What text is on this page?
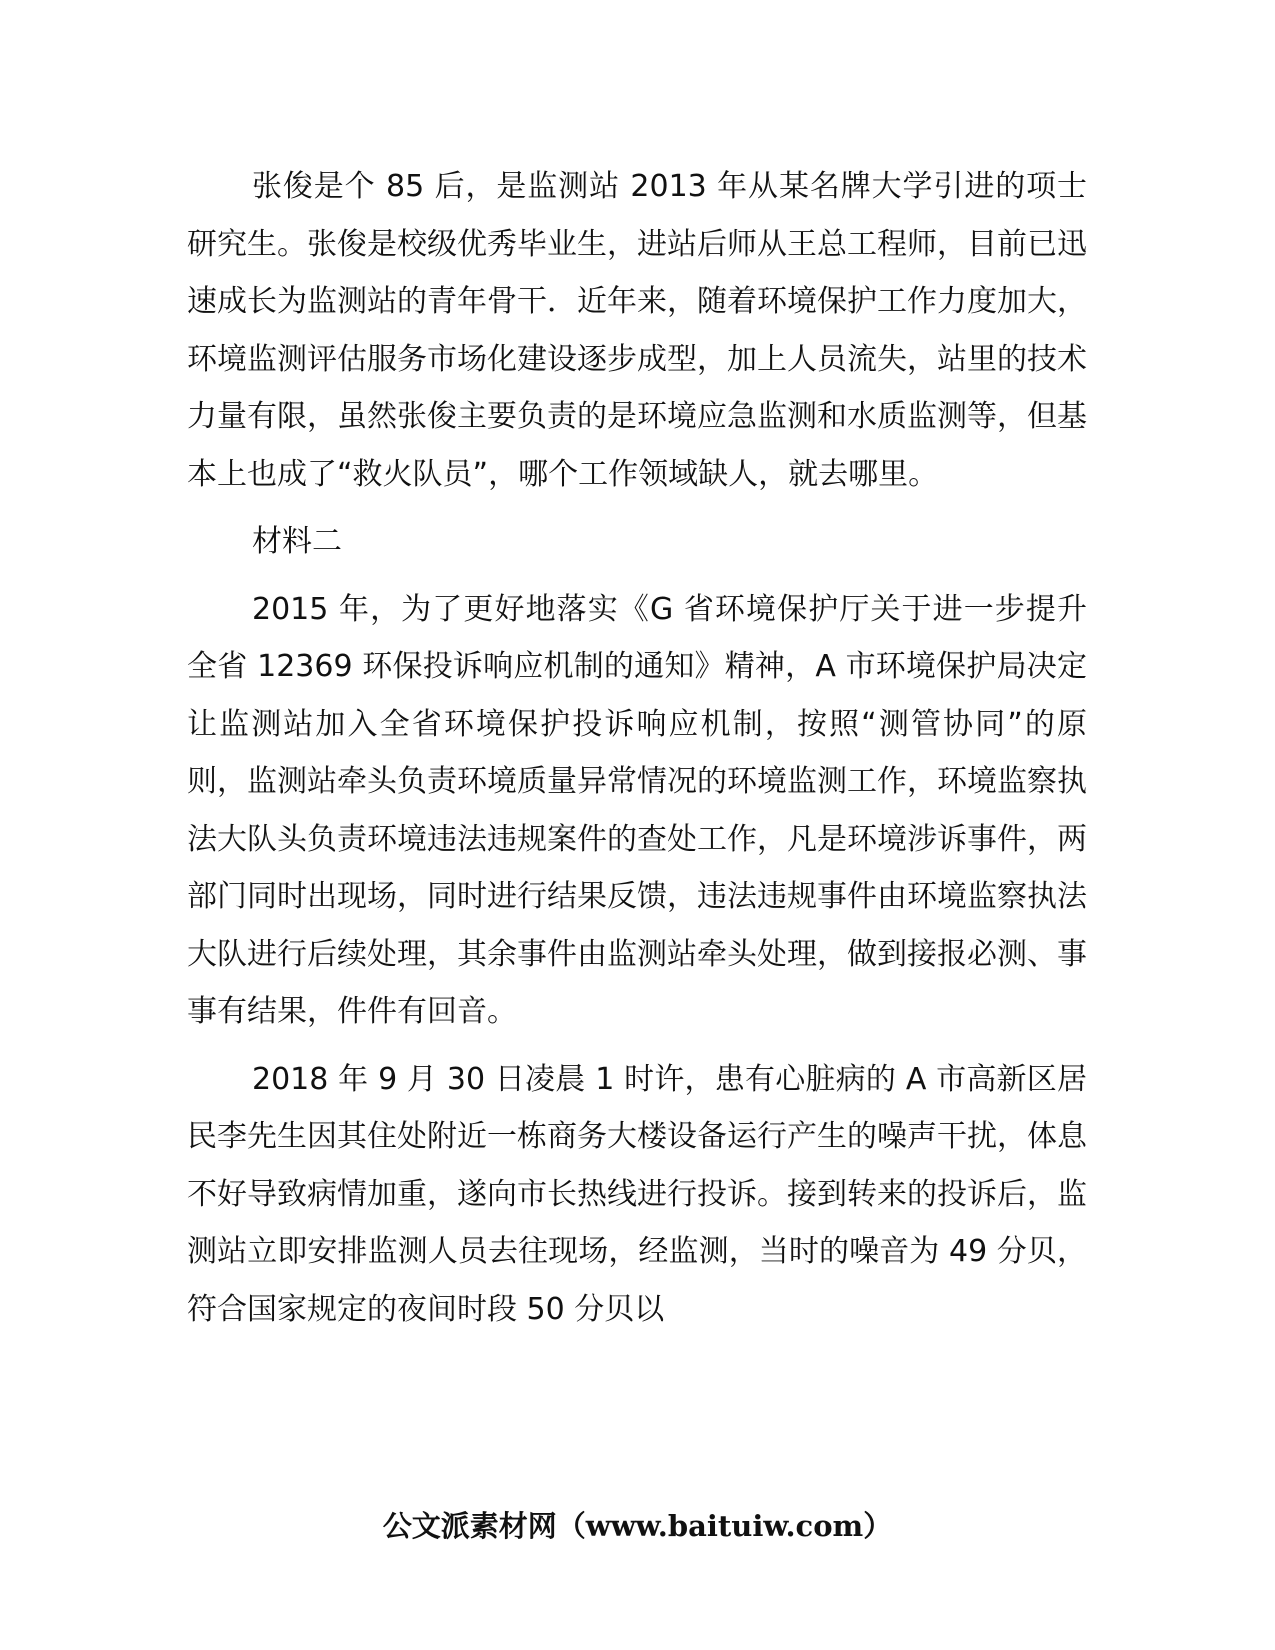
张俊是个 85 后，是监测站 2013 年从某名牌大学引进的项士研究生。张俊是校级优秀毕业生，进站后师从王总工程师，目前已迅速成长为监测站的青年骨干．近年来，随着环境保护工作力度加大，环境监测评估服务市场化建设逐步成型，加上人员流失，站里的技术力量有限，虽然张俊主要负责的是环境应急监测和水质监测等，但基本上也成了“救火队员”，哪个工作领域缺人，就去哪里。

材料二

2015 年，为了更好地落实《G 省环境保护厅关于进一步提升全省 12369 环保投诉响应机制的通知》精神，A 市环境保护局决定让监测站加入全省环境保护投诉响应机制，按照“测管协同”的原则，监测站牵头负责环境质量异常情况的环境监测工作，环境监察执法大队头负责环境违法违规案件的查处工作，凡是环境涉诉事件，两部门同时出现场，同时进行结果反馈，违法违规事件由环境监察执法大队进行后续处理，其余事件由监测站牵头处理，做到接报必测、事事有结果，件件有回音。

2018 年 9 月 30 日凌晨 1 时许，患有心脏病的 A 市高新区居民李先生因其住处附近一栋商务大楼设备运行产生的噪声干扰，体息不好导致病情加重，遂向市长热线进行投诉。接到转来的投诉后，监测站立即安排监测人员去往现场，经监测，当时的噪音为 49 分贝，符合国家规定的夜间时段 50 分贝以

公文派素材网（www.baituiw.com）
